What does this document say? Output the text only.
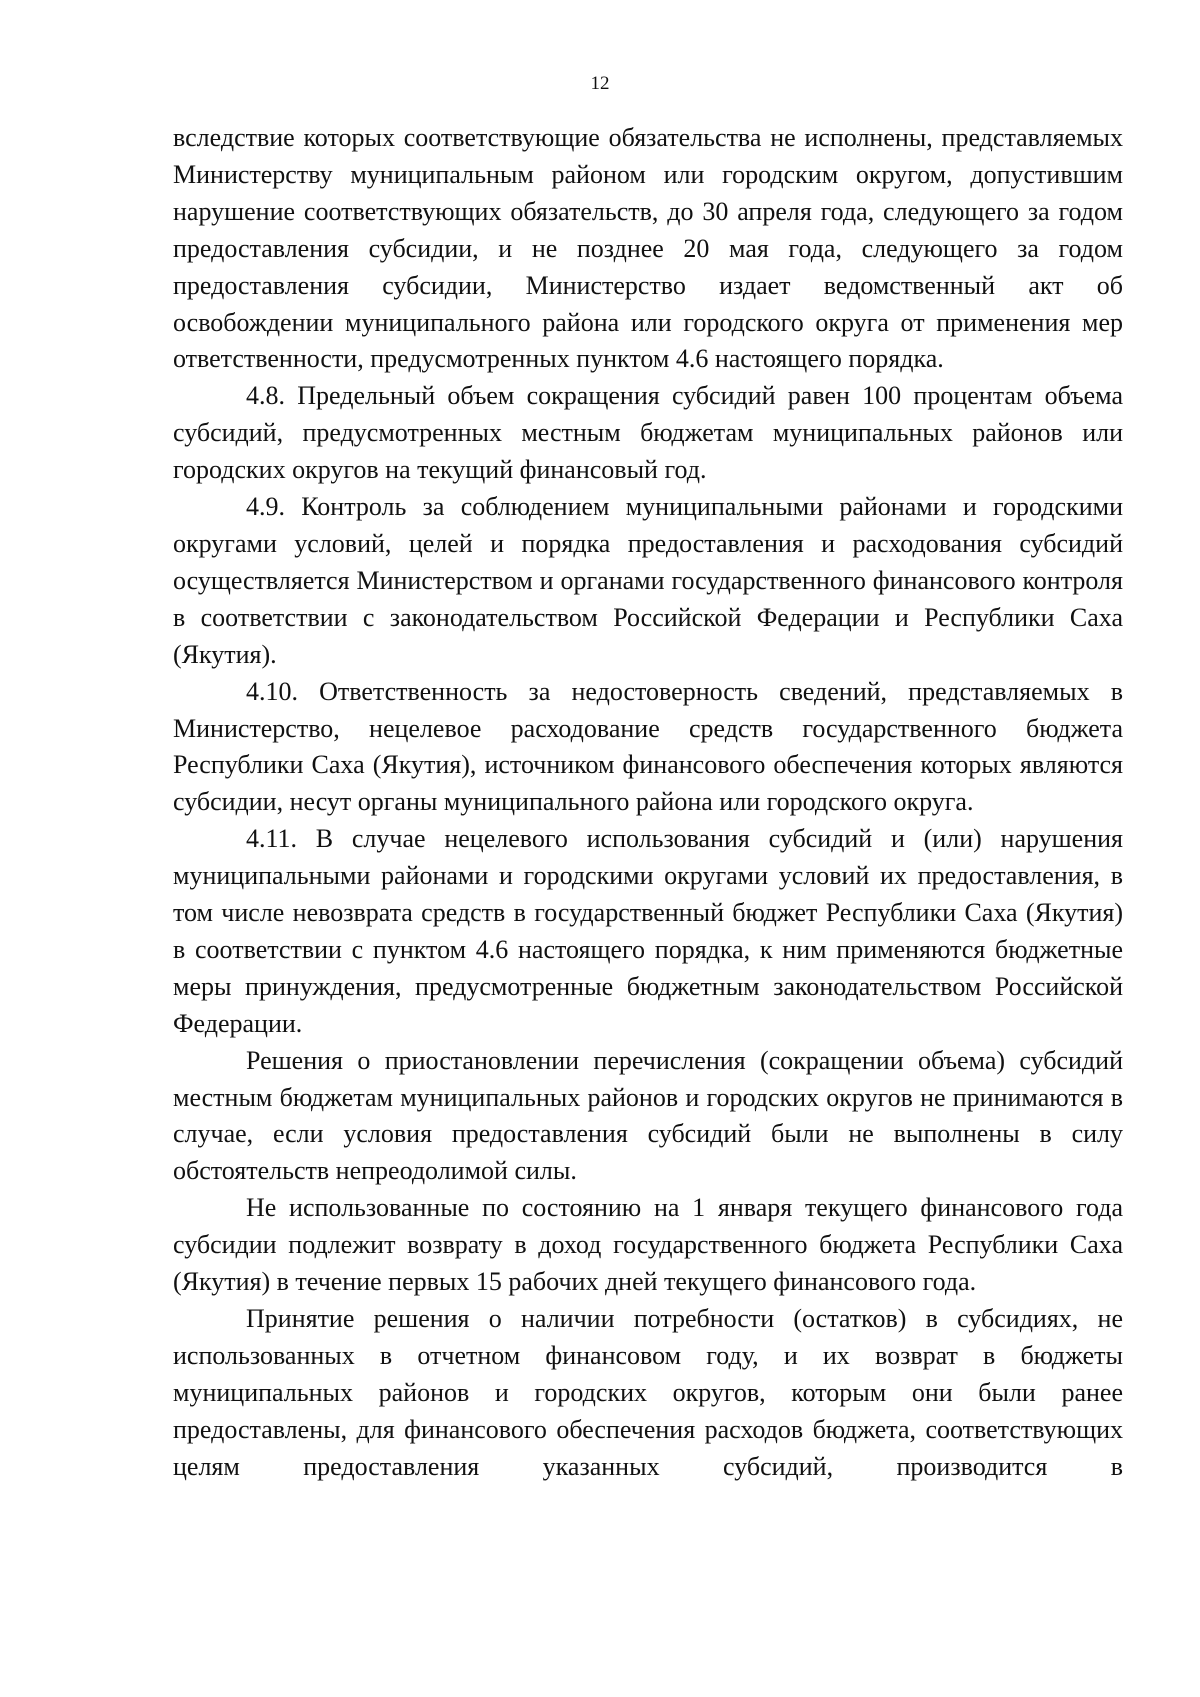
12

вследствие которых соответствующие обязательства не исполнены, представляемых Министерству муниципальным районом или городским округом, допустившим нарушение соответствующих обязательств, до 30 апреля года, следующего за годом предоставления субсидии, и не позднее 20 мая года, следующего за годом предоставления субсидии, Министерство издает ведомственный акт об освобождении муниципального района или городского округа от применения мер ответственности, предусмотренных пунктом 4.6 настоящего порядка.

4.8. Предельный объем сокращения субсидий равен 100 процентам объема субсидий, предусмотренных местным бюджетам муниципальных районов или городских округов на текущий финансовый год.

4.9. Контроль за соблюдением муниципальными районами и городскими округами условий, целей и порядка предоставления и расходования субсидий осуществляется Министерством и органами государственного финансового контроля в соответствии с законодательством Российской Федерации и Республики Саха (Якутия).

4.10. Ответственность за недостоверность сведений, представляемых в Министерство, нецелевое расходование средств государственного бюджета Республики Саха (Якутия), источником финансового обеспечения которых являются субсидии, несут органы муниципального района или городского округа.

4.11. В случае нецелевого использования субсидий и (или) нарушения муниципальными районами и городскими округами условий их предоставления, в том числе невозврата средств в государственный бюджет Республики Саха (Якутия) в соответствии с пунктом 4.6 настоящего порядка, к ним применяются бюджетные меры принуждения, предусмотренные бюджетным законодательством Российской Федерации.

Решения о приостановлении перечисления (сокращении объема) субсидий местным бюджетам муниципальных районов и городских округов не принимаются в случае, если условия предоставления субсидий были не выполнены в силу обстоятельств непреодолимой силы.

Не использованные по состоянию на 1 января текущего финансового года субсидии подлежит возврату в доход государственного бюджета Республики Саха (Якутия) в течение первых 15 рабочих дней текущего финансового года.

Принятие решения о наличии потребности (остатков) в субсидиях, не использованных в отчетном финансовом году, и их возврат в бюджеты муниципальных районов и городских округов, которым они были ранее предоставлены, для финансового обеспечения расходов бюджета, соответствующих целям предоставления указанных субсидий, производится в
